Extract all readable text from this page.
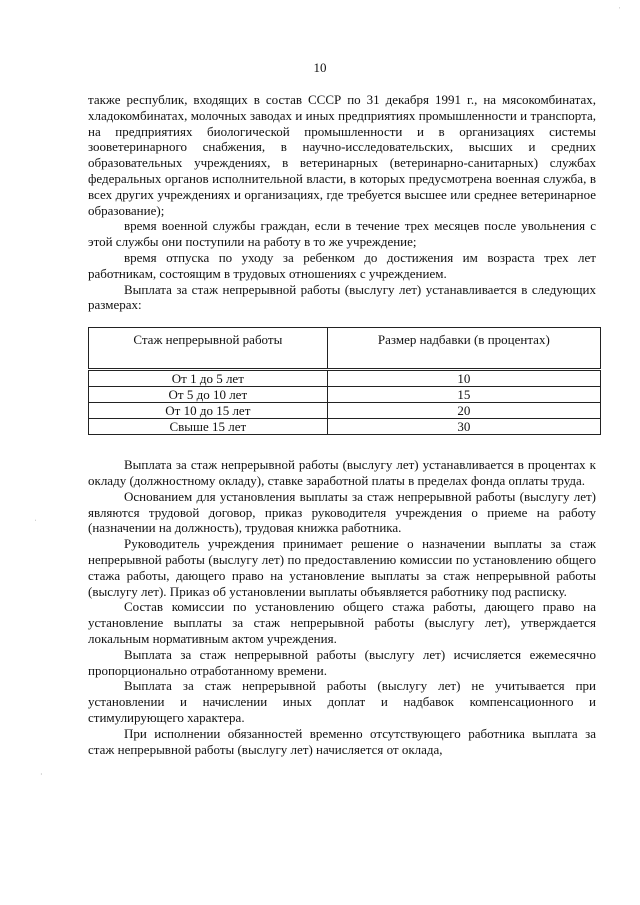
10

также республик, входящих в состав СССР по 31 декабря 1991 г., на мясокомбинатах, хладокомбинатах, молочных заводах и иных предприятиях промышленности и транспорта, на предприятиях биологической промышленности и в организациях системы зооветеринарного снабжения, в научно-исследовательских, высших и средних образовательных учреждениях, в ветеринарных (ветеринарно-санитарных) службах федеральных органов исполнительной власти, в которых предусмотрена военная служба, в всех других учреждениях и организациях, где требуется высшее или среднее ветеринарное образование);

время военной службы граждан, если в течение трех месяцев после увольнения с этой службы они поступили на работу в то же учреждение;

время отпуска по уходу за ребенком до достижения им возраста трех лет работникам, состоящим в трудовых отношениях с учреждением.

Выплата за стаж непрерывной работы (выслугу лет) устанавливается в следующих размерах:

Стаж непрерывной работы	Размер надбавки (в процентах)
От 1 до 5 лет	10
От 5 до 10 лет	15
От 10 до 15 лет	20
Свыше 15 лет	30

Выплата за стаж непрерывной работы (выслугу лет) устанавливается в процентах к окладу (должностному окладу), ставке заработной платы в пределах фонда оплаты труда.

Основанием для установления выплаты за стаж непрерывной работы (выслугу лет) являются трудовой договор, приказ руководителя учреждения о приеме на работу (назначении на должность), трудовая книжка работника.

Руководитель учреждения принимает решение о назначении выплаты за стаж непрерывной работы (выслугу лет) по предоставлению комиссии по установлению общего стажа работы, дающего право на установление выплаты за стаж непрерывной работы (выслугу лет). Приказ об установлении выплаты объявляется работнику под расписку.

Состав комиссии по установлению общего стажа работы, дающего право на установление выплаты за стаж непрерывной работы (выслугу лет), утверждается локальным нормативным актом учреждения.

Выплата за стаж непрерывной работы (выслугу лет) исчисляется ежемесячно пропорционально отработанному времени.

Выплата за стаж непрерывной работы (выслугу лет) не учитывается при установлении и начислении иных доплат и надбавок компенсационного и стимулирующего характера.

При исполнении обязанностей временно отсутствующего работника выплата за стаж непрерывной работы (выслугу лет) начисляется от оклада,

ˈ
ˌ
·
